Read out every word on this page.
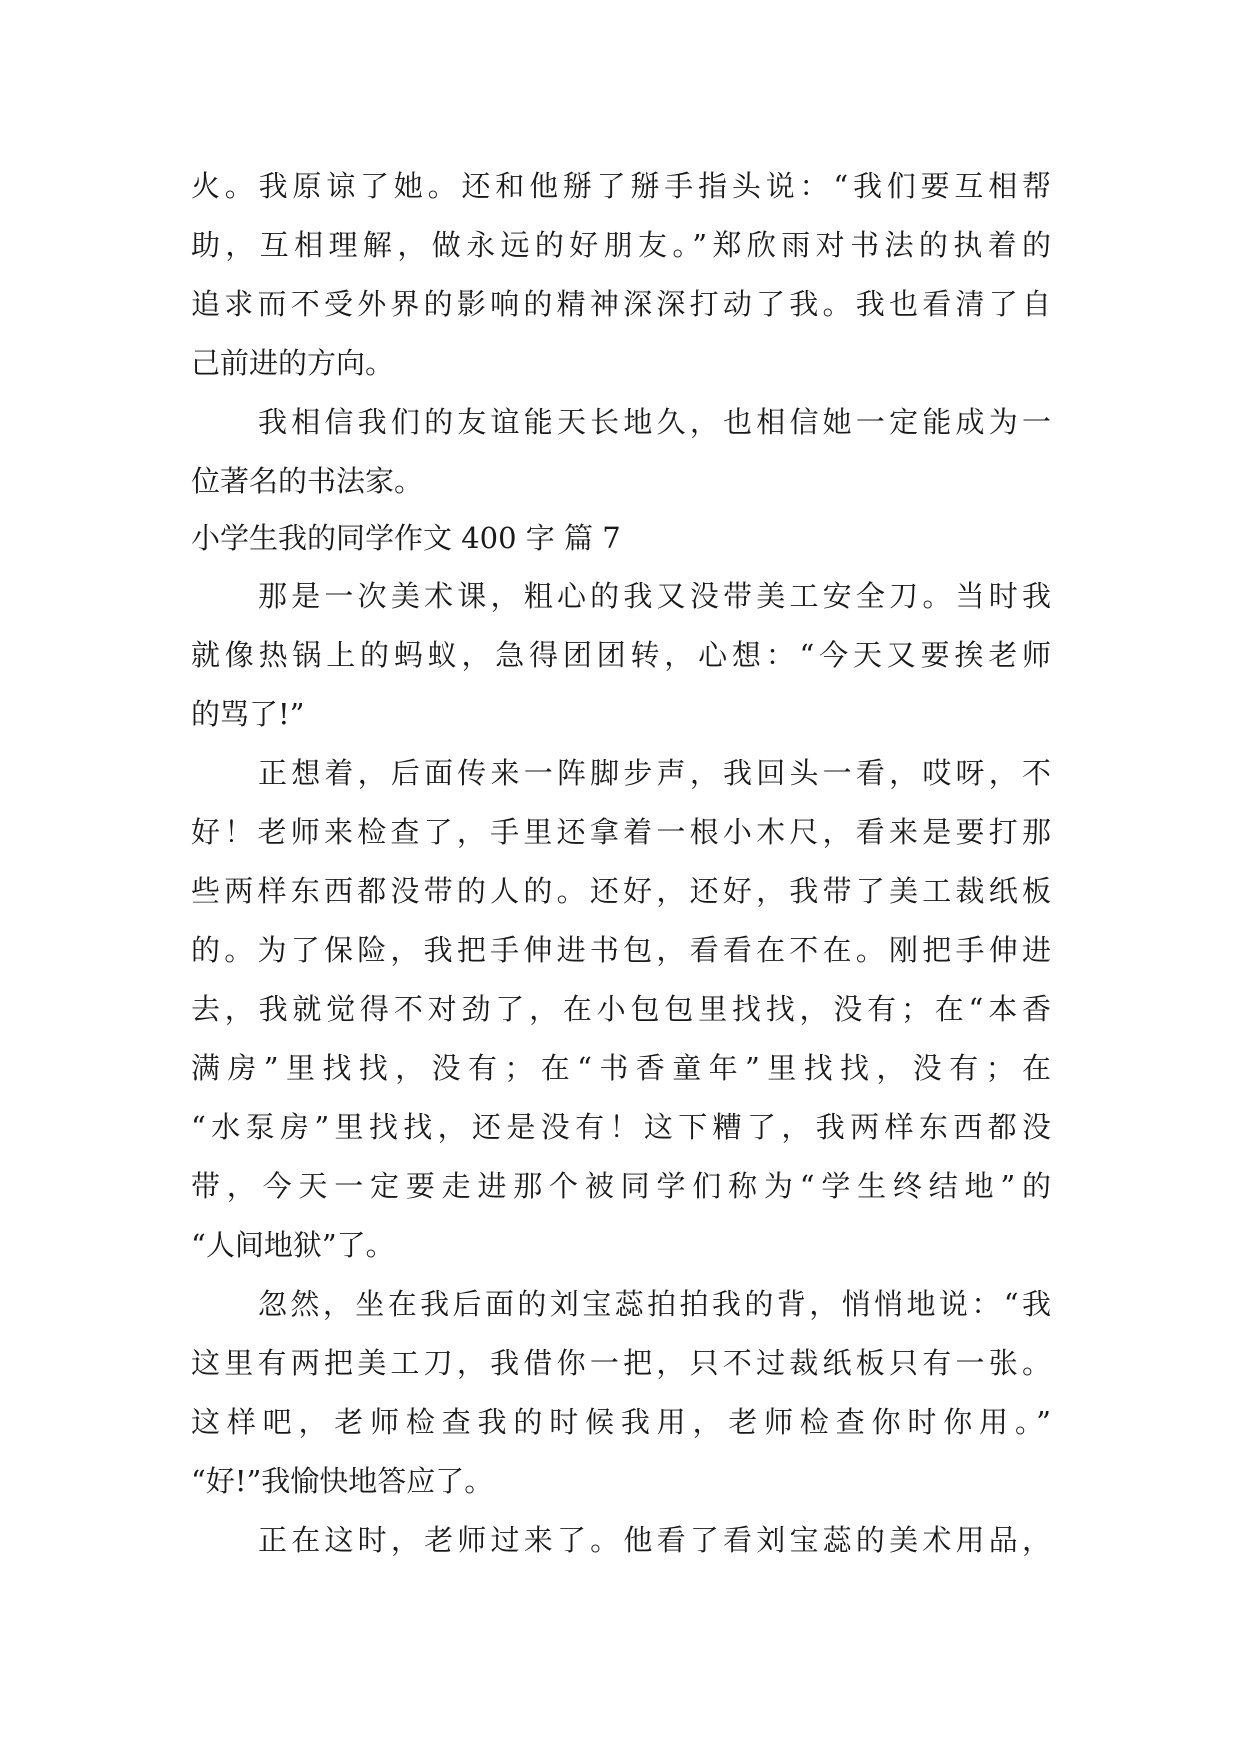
火。我原谅了她。还和他掰了掰手指头说：“我们要互相帮
助，互相理解，做永远的好朋友。”郑欣雨对书法的执着的
追求而不受外界的影响的精神深深打动了我。我也看清了自
己前进的方向。
我相信我们的友谊能天长地久，也相信她一定能成为一
位著名的书法家。
小学生我的同学作文 400 字 篇 7
那是一次美术课，粗心的我又没带美工安全刀。当时我
就像热锅上的蚂蚁，急得团团转，心想：“今天又要挨老师
的骂了!”
正想着，后面传来一阵脚步声，我回头一看，哎呀，不
好！老师来检查了，手里还拿着一根小木尺，看来是要打那
些两样东西都没带的人的。还好，还好，我带了美工裁纸板
的。为了保险，我把手伸进书包，看看在不在。刚把手伸进
去，我就觉得不对劲了，在小包包里找找，没有；在“本香
满房”里找找，没有；在“书香童年”里找找，没有；在
“水泵房”里找找，还是没有！这下糟了，我两样东西都没
带，今天一定要走进那个被同学们称为“学生终结地”的
“人间地狱”了。
忽然，坐在我后面的刘宝蕊拍拍我的背，悄悄地说：“我
这里有两把美工刀，我借你一把，只不过裁纸板只有一张。
这样吧，老师检查我的时候我用，老师检查你时你用。”
“好!”我愉快地答应了。
正在这时，老师过来了。他看了看刘宝蕊的美术用品，
